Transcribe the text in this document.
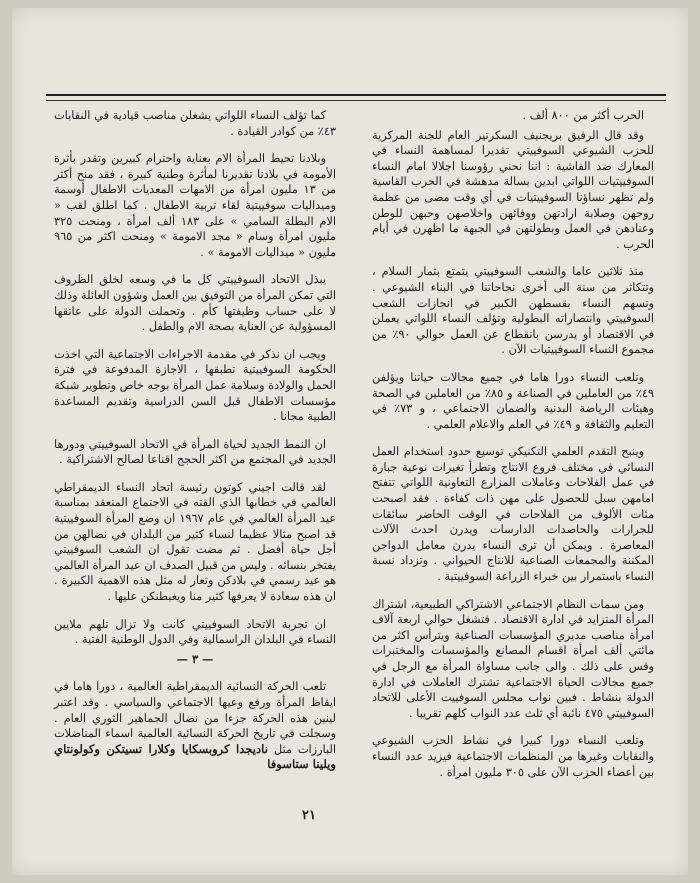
الحرب أكثر من ٨٠٠ ألف .

وقد قال الرفيق بريجنيف السكرتير العام للجنة المركزية للحزب الشيوعي السوفييتي تقديرا لمساهمة النساء في المعارك ضد الفاشية : اننا نحني رؤوسنا اجلالا امام النساء السوفييتيات اللواتي ابدين بسالة مدهشة في الحرب القاسية ولم تظهر نساؤنا السوفييتيات في أي وقت مضى من عظمة روحهن وصلابة ارادتهن ووفائهن واخلاصهن وحبهن للوطن وعنادهن في العمل وبطولتهن في الجبهة ما اظهرن في أيام الحرب .

منذ ثلاثين عاما والشعب السوفييتي يتمتع بثمار السلام ، وتتكاثر من سنة الى أخرى نجاحاتنا في البناء الشيوعي . وتسهم النساء بقسطهن الكبير في انجازات الشعب السوفييتي وانتصاراته البطولية وتؤلف النساء اللواتي يعملن في الاقتصاد أو يدرسن بانقطاع عن العمل حوالي ٩٠٪ من مجموع النساء السوفييتيات الآن .

وتلعب النساء دورا هاما في جميع مجالات حياتنا ويؤلفن ٤٩٪ من العاملين في الصناعة و ٨٥٪ من العاملين في الصحة وهيئات الرياضة البدنية والضمان الاجتماعي ، و ٧٣٪ في التعليم والثقافة و ٤٩٪ في العلم والاعلام العلمي .

وينبح التقدم العلمي التكنيكي توسيع حدود استخدام العمل النسائي في مختلف فروع الانتاج وتطرأ تغيرات نوعية جبارة في عمل الفلاحات وعاملات المزارع التعاونية اللواتي تتفتح امامهن سبل للحصول على مهن ذات كفاءة . فقد اصبحت مئات الألوف من الفلاحات في الوقت الحاضر سائقات للجرارات والحاصدات الدارسات ويدرن احدث الآلات المعاصرة . ويمكن أن ترى النساء يدرن معامل الدواجن المكننة والمجمعات الصناعية للانتاج الحيواني . وتزداد نسبة النساء باستمرار بين خبراء الزراعة السوفييتية .

ومن سمات النظام الاجتماعي الاشتراكي الطبيعية، اشتراك المرأة المتزايد في ادارة الاقتصاد . فتشغل حوالي اربعة آلاف امرأة مناصب مديري المؤسسات الصناعية ويترأس اكثر من مائتي ألف امرأة اقسام المصانع والمؤسسات والمختبرات وقس على ذلك . والى جانب مساواة المرأة مع الرجل في جميع مجالات الحياة الاجتماعية تشترك العاملات في ادارة الدولة بنشاط . فبين نواب مجلس السوفييت الأعلى للاتحاد السوفييتي ٤٧٥ نائبة أي ثلث عدد النواب كلهم تقريبا .

وتلعب النساء دورا كبيرا في نشاط الحزب الشيوعي والنقابات وغيرها من المنظمات الاجتماعية فيزيد عدد النساء بين أعضاء الحزب الآن على ٣٠٥ مليون امرأة .

كما تؤلف النساء اللواتي يشغلن مناصب قيادية في النقابات ٤٣٪ من كوادر القيادة .

وبلادنا تحيط المرأة الام بعناية واحترام كبيرين وتقدر بأثرة الأمومة في بلادنا تقديرنا لمأثرة وطنية كبيرة ، فقد منح أكثر من ١٣ مليون امرأة من الامهات المعديات الاطفال أوسمة وميداليات سوفييتية لقاء تربية الاطفال . كما اطلق لقب « الام البطلة السامي » على ١٨٣ ألف امرأة ، ومنحت ٣٢٥ مليون امرأة وسام « مجد الامومة » ومنحت اكثر من ٩٦٥ مليون « ميداليات الامومة » .

يبذل الاتحاد السوفييتي كل ما في وسعه لخلق الظروف التي تمكن المرأة من التوفيق بين العمل وشؤون العائلة وذلك لا على حساب وظيفتها كأم . وتحملت الدولة على عاتقها المسؤولية عن العناية بصحة الام والطفل .

ويجب ان نذكر في مقدمة الاجراءات الاجتماعية التي اخذت الحكومة السوفييتية تطبقها ، الاجازة المدفوعة في فترة الحمل والولادة وسلامة عمل المرأة بوجه خاص وتطوير شبكة مؤسسات الاطفال قبل السن الدراسية وتقديم المساعدة الطبية مجانا .

ان النمط الجديد لحياة المرأة في الاتحاد السوفييتي ودورها الجديد في المجتمع من اكثر الحجج اقناعا لصالح الاشتراكية .

لقد قالت اجيني كوتون رئيسة اتحاد النساء الديمقراطي العالمي في خطابها الذي القته في الاجتماع المنعقد بمناسبة عيد المرأة العالمي في عام ١٩٦٧ ان وضع المرأة السوفييتية قد اصبح مثالا عظيما لنساء كثير من البلدان في نضالهن من أجل حياة أفضل . ثم مضت تقول ان الشعب السوفييتي يفتخر بنسائه . وليس من قبيل الصدف ان عيد المرأة العالمي هو عيد رسمي في بلادكن وتعار له مثل هذه الاهمية الكبيرة . ان هذه سعادة لا يعرفها كثير منا ويغبطنكن عليها .

ان تجربة الاتحاد السوفييتي كانت ولا تزال تلهم ملايين النساء في البلدان الراسمالية وفي الدول الوطنية الفتية .

— ٣ —

تلعب الحركة النسائية الديمقراطية العالمية ، دورا هاما في ايقاظ المرأة ورفع وعيها الاجتماعي والسياسي . وقد اعتبر لينين هذه الحركة جزءا من نضال الجماهير الثوري العام . وسجلت في تاريخ الحركة النسائية العالمية اسماء المناضلات البارزات مثل ناديجدا كروبسكايا وكلارا تسيتكن وكولونتاي ويلينا ستاسوفا

٢١
